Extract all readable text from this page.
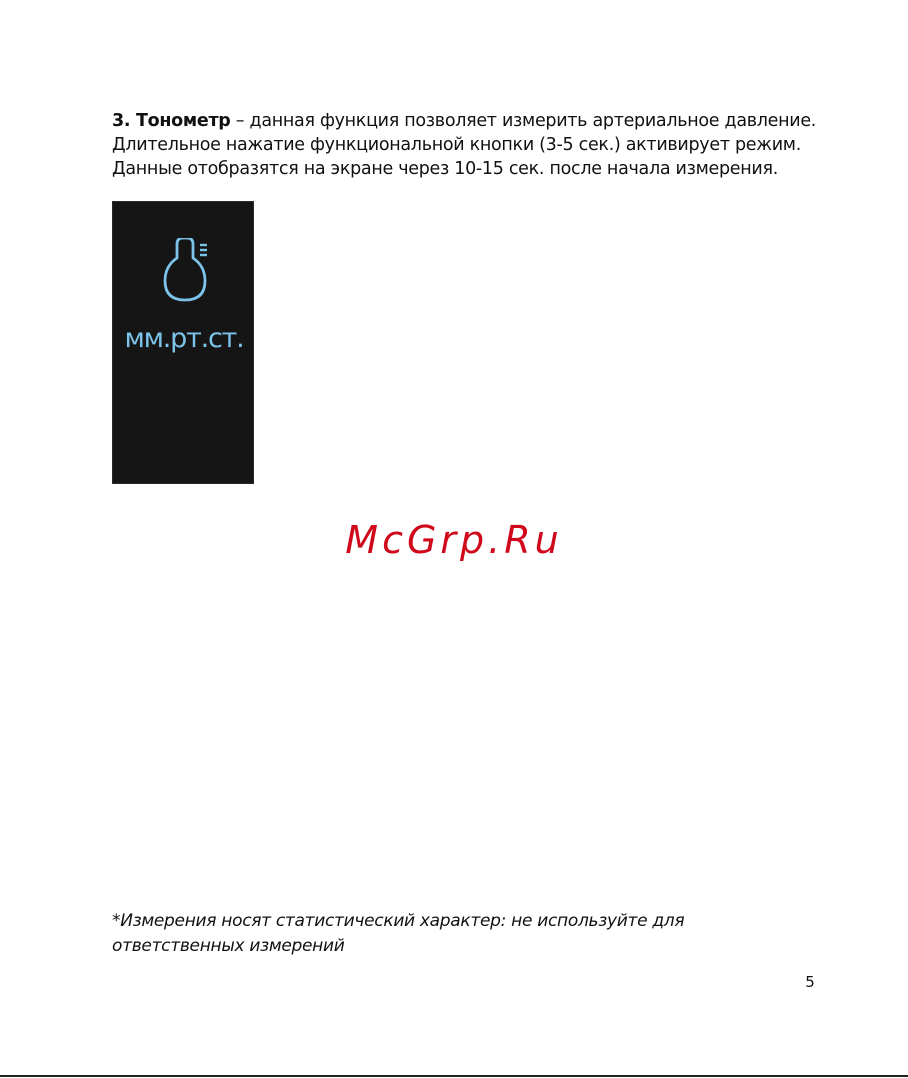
3. Тонометр – данная функция позволяет измерить артериальное давление.
Длительное нажатие функциональной кнопки (3-5 сек.) активирует режим.
Данные отобразятся на экране через 10-15 сек. после начала измерения.

мм.рт.ст.
McGrp.Ru

*Измерения носят статистический характер: не используйте для
ответственных измерений

5
